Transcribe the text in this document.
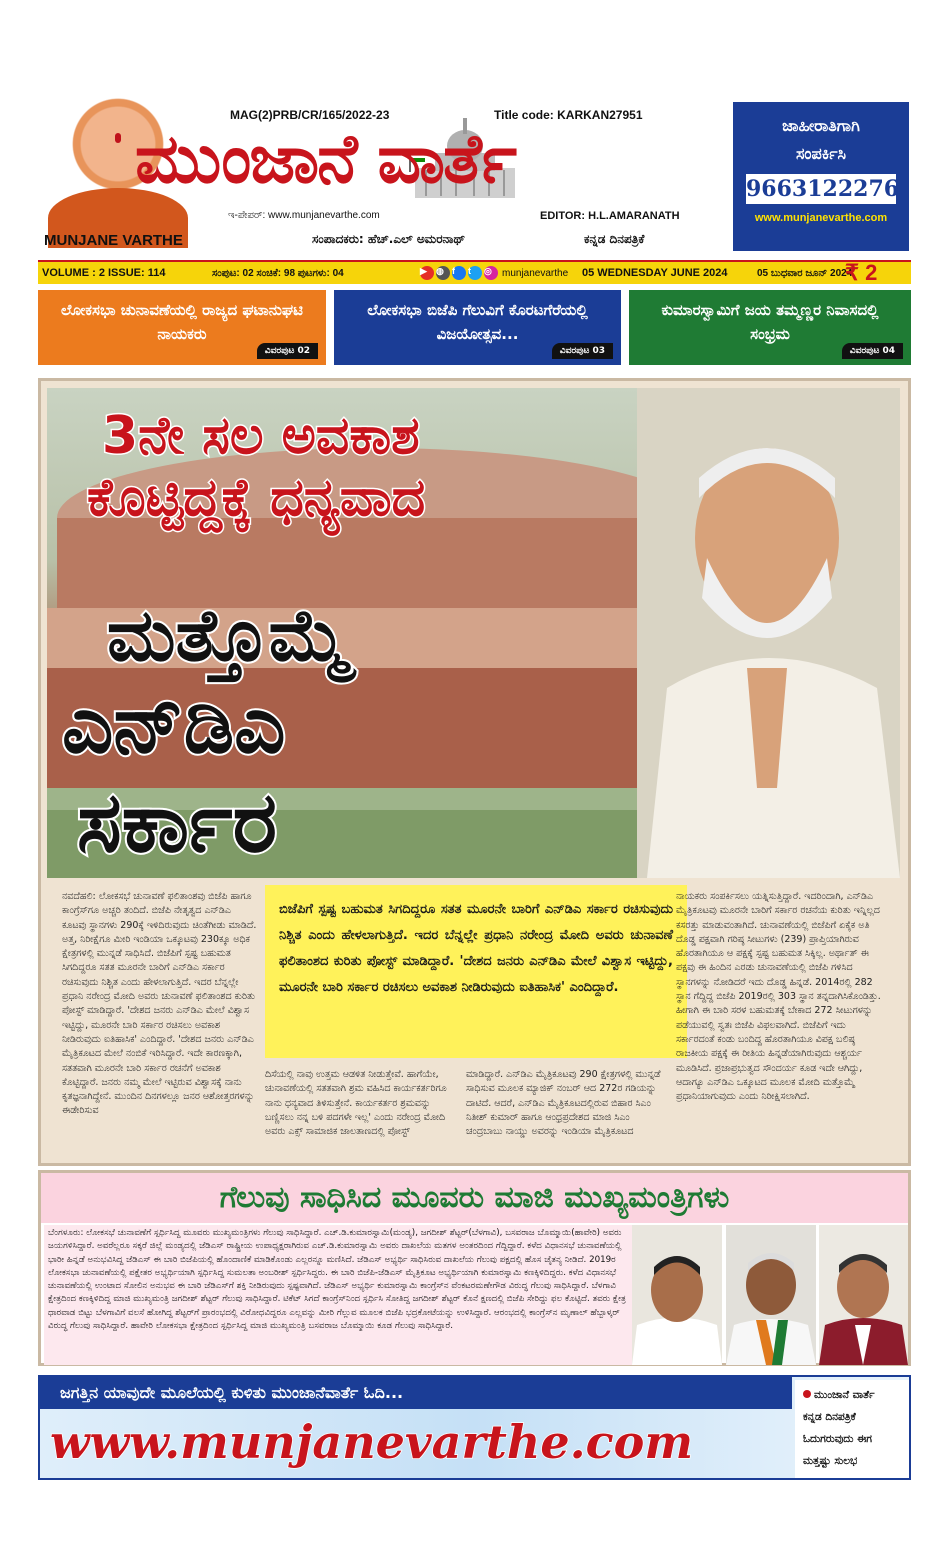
MUNJANE VARTHE
MAG(2)PRB/CR/165/2022-23	Title code: KARKAN27951
ಮುಂಜಾನೆ ವಾರ್ತೆ
ಇ-ಪೇಪರ್: www.munjanevarthe.com	EDITOR: H.L.AMARANATH
ಸಂಪಾದಕರು: ಹೆಚ್.ಎಲ್ ಅಮರನಾಥ್	ಕನ್ನಡ ದಿನಪತ್ರಿಕೆ
ಜಾಹೀರಾತಿಗಾಗಿ
ಸಂಪರ್ಕಿಸಿ
9663122276
www.munjanevarthe.com
VOLUME : 2 ISSUE: 114	ಸಂಪುಟ: 02 ಸಂಚಿಕೆ: 98 ಪುಟಗಳು: 04	▶	◍ f	t	◎	munjanevarthe	05 WEDNESDAY JUNE 2024	05 ಬುಧವಾರ ಜೂನ್ 2024
₹ 2
ಲೋಕಸಭಾ ಚುನಾವಣೆಯಲ್ಲಿ ರಾಜ್ಯದ ಘಟಾನುಘಟಿ ನಾಯಕರು
ವಿವರಪುಟ 02
ಲೋಕಸಭಾ ಬಿಜೆಪಿ ಗೆಲುವಿಗೆ ಕೊರಟಗೆರೆಯಲ್ಲಿ ವಿಜಯೋತ್ಸವ...
ವಿವರಪುಟ 03
ಕುಮಾರಸ್ವಾಮಿಗೆ ಜಯ ತಮ್ಮಣ್ಣರ ನಿವಾಸದಲ್ಲಿ ಸಂಭ್ರಮ
ವಿವರಪುಟ 04
3ನೇ ಸಲ ಅವಕಾಶ
ಕೊಟ್ಟಿದ್ದಕ್ಕೆ ಧನ್ಯವಾದ
ಮತ್ತೊಮ್ಮೆ
ಎನ್‌ಡಿಎ
ಸರ್ಕಾರ
ನವದೆಹಲಿ: ಲೋಕಸಭೆ ಚುನಾವಣೆ ಫಲಿತಾಂಶವು ಬಿಜೆಪಿ ಹಾಗೂ ಕಾಂಗ್ರೆಸ್‌ಗೂ ಅಚ್ಚರಿ ತಂದಿದೆ. ಬಿಜೆಪಿ ನೇತೃತ್ವದ ಎನ್‌ಡಿಎ ಕೂಟವು ಸ್ಥಾನಗಳು 290ಕ್ಕೆ ಇಳಿದಿರುವುದು ಚಿಂತೆಗೀಡು ಮಾಡಿದೆ. ಅತ್ತ, ನಿರೀಕ್ಷೆಗೂ ಮೀರಿ ಇಂಡಿಯಾ ಒಕ್ಕೂಟವು 230ಕ್ಕೂ ಅಧಿಕ ಕ್ಷೇತ್ರಗಳಲ್ಲಿ ಮುನ್ನಡೆ ಸಾಧಿಸಿದೆ. ಬಿಜೆಪಿಗೆ ಸ್ಪಷ್ಟ ಬಹುಮತ ಸಿಗದಿದ್ದರೂ ಸತತ ಮೂರನೇ ಬಾರಿಗೆ ಎನ್‌ಡಿಎ ಸರ್ಕಾರ ರಚಿಸುವುದು ನಿಶ್ಚಿತ ಎಂದು ಹೇಳಲಾಗುತ್ತಿದೆ. ಇದರ ಬೆನ್ನಲ್ಲೇ ಪ್ರಧಾನಿ ನರೇಂದ್ರ ಮೋದಿ ಅವರು ಚುನಾವಣೆ ಫಲಿತಾಂಶದ ಕುರಿತು ಪೋಸ್ಟ್ ಮಾಡಿದ್ದಾರೆ. 'ದೇಶದ ಜನರು ಎನ್‌ಡಿಎ ಮೇಲೆ ವಿಶ್ವಾಸ ಇಟ್ಟಿದ್ದು, ಮೂರನೇ ಬಾರಿ ಸರ್ಕಾರ ರಚಿಸಲು ಅವಕಾಶ ನೀಡಿರುವುದು ಐತಿಹಾಸಿಕ' ಎಂದಿದ್ದಾರೆ. 'ದೇಶದ ಜನರು ಎನ್‌ಡಿಎ ಮೈತ್ರಿಕೂಟದ ಮೇಲೆ ನಂಬಿಕೆ ಇರಿಸಿದ್ದಾರೆ. ಇದೇ ಕಾರಣಕ್ಕಾಗಿ, ಸತತವಾಗಿ ಮೂರನೇ ಬಾರಿ ಸರ್ಕಾರ ರಚನೆಗೆ ಅವಕಾಶ ಕೊಟ್ಟಿದ್ದಾರೆ. ಜನರು ನಮ್ಮ ಮೇಲೆ ಇಟ್ಟಿರುವ ವಿಶ್ವಾಸಕ್ಕೆ ನಾನು ಕೃತಜ್ಞನಾಗಿದ್ದೇನೆ. ಮುಂದಿನ ದಿನಗಳಲ್ಲೂ ಜನರ ಆಶೋತ್ತರಗಳನ್ನು ಈಡೇರಿಸುವ
ಬಿಜೆಪಿಗೆ ಸ್ಪಷ್ಟ ಬಹುಮತ ಸಿಗದಿದ್ದರೂ ಸತತ ಮೂರನೇ ಬಾರಿಗೆ ಎನ್‌ಡಿಎ ಸರ್ಕಾರ ರಚಿಸುವುದು ನಿಶ್ಚಿತ ಎಂದು ಹೇಳಲಾಗುತ್ತಿದೆ. ಇದರ ಬೆನ್ನಲ್ಲೇ ಪ್ರಧಾನಿ ನರೇಂದ್ರ ಮೋದಿ ಅವರು ಚುನಾವಣೆ ಫಲಿತಾಂಶದ ಕುರಿತು ಪೋಸ್ಟ್ ಮಾಡಿದ್ದಾರೆ. 'ದೇಶದ ಜನರು ಎನ್‌ಡಿಎ ಮೇಲೆ ವಿಶ್ವಾಸ ಇಟ್ಟಿದ್ದು, ಮೂರನೇ ಬಾರಿ ಸರ್ಕಾರ ರಚಿಸಲು ಅವಕಾಶ ನೀಡಿರುವುದು ಐತಿಹಾಸಿಕ' ಎಂದಿದ್ದಾರೆ.
ದಿಸೆಯಲ್ಲಿ ನಾವು ಉತ್ತಮ ಆಡಳಿತ ನೀಡುತ್ತೇವೆ. ಹಾಗೆಯೇ, ಚುನಾವಣೆಯಲ್ಲಿ ಸತತವಾಗಿ ಶ್ರಮ ವಹಿಸಿದ ಕಾರ್ಯಕರ್ತರಿಗೂ ನಾನು ಧನ್ಯವಾದ ತಿಳಿಸುತ್ತೇನೆ. ಕಾರ್ಯಕರ್ತರ ಶ್ರಮವನ್ನು ಬಣ್ಣಿಸಲು ನನ್ನ ಬಳಿ ಪದಗಳೇ ಇಲ್ಲ' ಎಂದು ನರೇಂದ್ರ ಮೋದಿ ಅವರು ಎಕ್ಸ್ ಸಾಮಾಜಿಕ ಜಾಲತಾಣದಲ್ಲಿ ಪೋಸ್ಟ್
ಮಾಡಿದ್ದಾರೆ. ಎನ್‌ಡಿಎ ಮೈತ್ರಿಕೂಟವು 290 ಕ್ಷೇತ್ರಗಳಲ್ಲಿ ಮುನ್ನಡೆ ಸಾಧಿಸುವ ಮೂಲಕ ಮ್ಯಾಜಿಕ್ ನಂಬರ್ ಆದ 272ರ ಗಡಿಯನ್ನು ದಾಟಿದೆ. ಆದರೆ, ಎನ್‌ಡಿಎ ಮೈತ್ರಿಕೂಟದಲ್ಲಿರುವ ಬಿಹಾರ ಸಿಎಂ ನಿತೀಶ್ ಕುಮಾರ್ ಹಾಗೂ ಆಂಧ್ರಪ್ರದೇಶದ ಮಾಜಿ ಸಿಎಂ ಚಂದ್ರಬಾಬು ನಾಯ್ಡು ಅವರನ್ನು ಇಂಡಿಯಾ ಮೈತ್ರಿಕೂಟದ
ನಾಯಕರು ಸಂಪರ್ಕಿಸಲು ಯತ್ನಿಸುತ್ತಿದ್ದಾರೆ. ಇದರಿಂದಾಗಿ, ಎನ್‌ಡಿಎ ಮೈತ್ರಿಕೂಟವು ಮೂರನೇ ಬಾರಿಗೆ ಸರ್ಕಾರ ರಚನೆಯ ಕುರಿತು ಇನ್ನಿಲ್ಲದ ಕಸರತ್ತು ಮಾಡುವಂತಾಗಿದೆ. ಚುನಾವಣೆಯಲ್ಲಿ ಬಿಜೆಪಿಗೆ ಏಕೈಕ ಅತಿ ದೊಡ್ಡ ಪಕ್ಷವಾಗಿ ಗರಿಷ್ಠ ಸೀಟುಗಳು (239) ಪ್ರಾಪ್ತಿಯಾಗಿರುವ ಹೊರತಾಗಿಯೂ ಆ ಪಕ್ಷಕ್ಕೆ ಸ್ಪಷ್ಟ ಬಹುಮತ ಸಿಕ್ಕಿಲ್ಲ. ಅರ್ಥಾತ್ ಈ ಪಕ್ಷವು ಈ ಹಿಂದಿನ ಎರಡು ಚುನಾವಣೆಯಲ್ಲಿ ಬಿಜೆಪಿ ಗಳಿಸಿದ ಸ್ಥಾನಗಳನ್ನು ನೋಡಿದರೆ ಇದು ದೊಡ್ಡ ಹಿನ್ನಡೆ. 2014ರಲ್ಲಿ 282 ಸ್ಥಾನ ಗೆದ್ದಿದ್ದ ಬಿಜೆಪಿ 2019ರಲ್ಲಿ 303 ಸ್ಥಾನ ತನ್ನದಾಗಿಸಿಕೊಂಡಿತ್ತು. ಹೀಗಾಗಿ ಈ ಬಾರಿ ಸರಳ ಬಹುಮತಕ್ಕೆ ಬೇಕಾದ 272 ಸೀಟುಗಳನ್ನು ಪಡೆಯುವಲ್ಲಿ ಸ್ವತಃ ಬಿಜೆಪಿ ವಿಫಲವಾಗಿದೆ. ಬಿಜೆಪಿಗೆ ಇದು ಸರ್ಕಾರದಂತೆ ಕಂಡು ಬಂದಿದ್ದ ಹೊರತಾಗಿಯೂ ವಿಪಕ್ಷ ಬಲಿಷ್ಠ ರಾಜಕೀಯ ಪಕ್ಷಕ್ಕೆ ಈ ರೀತಿಯ ಹಿನ್ನಡೆಯಾಗಿರುವುದು ಆಶ್ಚರ್ಯ ಮೂಡಿಸಿದೆ. ಪ್ರಜಾಪ್ರಭುತ್ವದ ಸೌಂದರ್ಯ ಕೂಡ ಇದೇ ಆಗಿದ್ದು, ಆದಾಗ್ಯೂ ಎನ್‌ಡಿಎ ಒಕ್ಕೂಟದ ಮೂಲಕ ಮೋದಿ ಮತ್ತೊಮ್ಮೆ ಪ್ರಧಾನಿಯಾಗುವುದು ಎಂದು ನಿರೀಕ್ಷಿಸಲಾಗಿದೆ.
ಗೆಲುವು ಸಾಧಿಸಿದ ಮೂವರು ಮಾಜಿ ಮುಖ್ಯಮಂತ್ರಿಗಳು
ಬೆಂಗಳೂರು: ಲೋಕಸಭೆ ಚುನಾವಣೆಗೆ ಸ್ಪರ್ಧಿಸಿದ್ದ ಮೂವರು ಮುಖ್ಯಮಂತ್ರಿಗಳು ಗೆಲುವು ಸಾಧಿಸಿದ್ದಾರೆ. ಎಚ್.ಡಿ.ಕುಮಾರಸ್ವಾಮಿ(ಮಂಡ್ಯ), ಜಗದೀಶ್ ಶೆಟ್ಟರ್(ಬೆಳಗಾವಿ), ಬಸವರಾಜ ಬೊಮ್ಮಾಯಿ(ಹಾವೇರಿ) ಅವರು ಜಯಗಳಿಸಿದ್ದಾರೆ. ಅವರೆಲ್ಲರೂ ಸಕ್ಕರೆ ಜಿಲ್ಲೆ ಮಂಡ್ಯದಲ್ಲಿ ಜೆಡಿಎಸ್ ರಾಷ್ಟ್ರೀಯ ಉಪಾಧ್ಯಕ್ಷರಾಗಿರುವ ಎಚ್.ಡಿ.ಕುಮಾರಸ್ವಾಮಿ ಅವರು ದಾಖಲೆಯ ಮತಗಳ ಅಂತರದಿಂದ ಗೆದ್ದಿದ್ದಾರೆ. ಕಳೆದ ವಿಧಾನಸಭೆ ಚುನಾವಣೆಯಲ್ಲಿ ಭಾರೀ ಹಿನ್ನಡೆ ಅನುಭವಿಸಿದ್ದ ಜೆಡಿಎಸ್‌ ಈ ಬಾರಿ ಬಿಜೆಪಿಯಲ್ಲಿ ಹೊಂದಾಣಿಕೆ ಮಾಡಿಕೊಂಡು ಎಲ್ಲರನ್ನೂ ಮಣಿಸಿದೆ. ಜೆಡಿಎಸ್ ಅಭ್ಯರ್ಥಿ ಸಾಧಿಸಿರುವ ದಾಖಲೆಯ ಗೆಲುವು ಪಕ್ಷದಲ್ಲಿ ಹೊಸ ಚೈತನ್ಯ ನೀಡಿದೆ. 2019ರ ಲೋಕಸಭಾ ಚುನಾವಣೆಯಲ್ಲಿ ಪಕ್ಷೇತರ ಅಭ್ಯರ್ಥಿಯಾಗಿ ಸ್ಪರ್ಧಿಸಿದ್ದ ಸುಮಲತಾ ಅಂಬರೀಶ್ ಸ್ಪರ್ಧಿಸಿದ್ದರು. ಈ ಬಾರಿ ಬಿಜೆಪಿ-ಜೆಡಿಎಸ್ ಮೈತ್ರಿಕೂಟ ಅಭ್ಯರ್ಥಿಯಾಗಿ ಕುಮಾರಸ್ವಾಮಿ ಕಣಕ್ಕಿಳಿದಿದ್ದರು. ಕಳೆದ ವಿಧಾನಸಭೆ ಚುನಾವಣೆಯಲ್ಲಿ ಉಂಟಾದ ಸೋಲಿನ ಅನುಭವ ಈ ಬಾರಿ ಜೆಡಿಎಸ್‌ಗೆ ಶಕ್ತಿ ನೀಡಿರುವುದು ಸ್ಪಷ್ಟವಾಗಿದೆ. ಜೆಡಿಎಸ್ ಅಭ್ಯರ್ಥಿ ಕುಮಾರಸ್ವಾಮಿ ಕಾಂಗ್ರೆಸ್‌ನ ವೆಂಕಟರಮಣೇಗೌಡ ವಿರುದ್ಧ ಗೆಲುವು ಸಾಧಿಸಿದ್ದಾರೆ. ಬೆಳಗಾವಿ ಕ್ಷೇತ್ರದಿಂದ ಕಣಕ್ಕಿಳಿದಿದ್ದ ಮಾಜಿ ಮುಖ್ಯಮಂತ್ರಿ ಜಗದೀಶ್ ಶೆಟ್ಟರ್ ಗೆಲುವು ಸಾಧಿಸಿದ್ದಾರೆ. ಟಿಕೆಟ್ ಸಿಗದೆ ಕಾಂಗ್ರೆಸ್‌ನಿಂದ ಸ್ಪರ್ಧಿಸಿ ಸೋತಿದ್ದ ಜಗದೀಶ್ ಶೆಟ್ಟರ್ ಕೊನೆ ಕ್ಷಣದಲ್ಲಿ ಬಿಜೆಪಿ ಸೇರಿದ್ದು ಫಲ ಕೊಟ್ಟಿದೆ. ತವರು ಕ್ಷೇತ್ರ ಧಾರವಾಡ ಬಿಟ್ಟು ಬೆಳಗಾವಿಗೆ ವಲಸೆ ಹೋಗಿದ್ದ ಶೆಟ್ಟರ್‌ಗೆ ಪ್ರಾರಂಭದಲ್ಲಿ ವಿರೋಧವಿದ್ದರೂ ಎಲ್ಲವನ್ನು ಮೀರಿ ಗೆಲ್ಲುವ ಮೂಲಕ ಬಿಜೆಪಿ ಭದ್ರಕೋಟೆಯನ್ನು ಉಳಿಸಿದ್ದಾರೆ. ಆರಂಭದಲ್ಲಿ ಕಾಂಗ್ರೆಸ್‌ನ ಮೃಣಾಲ್ ಹೆಬ್ಬಾಳ್ಕರ್ ವಿರುದ್ಧ ಗೆಲುವು ಸಾಧಿಸಿದ್ದಾರೆ. ಹಾವೇರಿ ಲೋಕಸಭಾ ಕ್ಷೇತ್ರದಿಂದ ಸ್ಪರ್ಧಿಸಿದ್ದ ಮಾಜಿ ಮುಖ್ಯಮಂತ್ರಿ ಬಸವರಾಜ ಬೊಮ್ಮಾಯಿ ಕೂಡ ಗೆಲುವು ಸಾಧಿಸಿದ್ದಾರೆ.
ಜಗತ್ತಿನ ಯಾವುದೇ ಮೂಲೆಯಲ್ಲಿ ಕುಳಿತು ಮುಂಜಾನೆವಾರ್ತೆ ಓದಿ...
www.munjanevarthe.com
ಮುಂಜಾನೆ ವಾರ್ತೆ
ಕನ್ನಡ ದಿನಪತ್ರಿಕೆ
ಓದುಗರುವುದು ಈಗ
ಮತ್ತಷ್ಟು ಸುಲಭ
